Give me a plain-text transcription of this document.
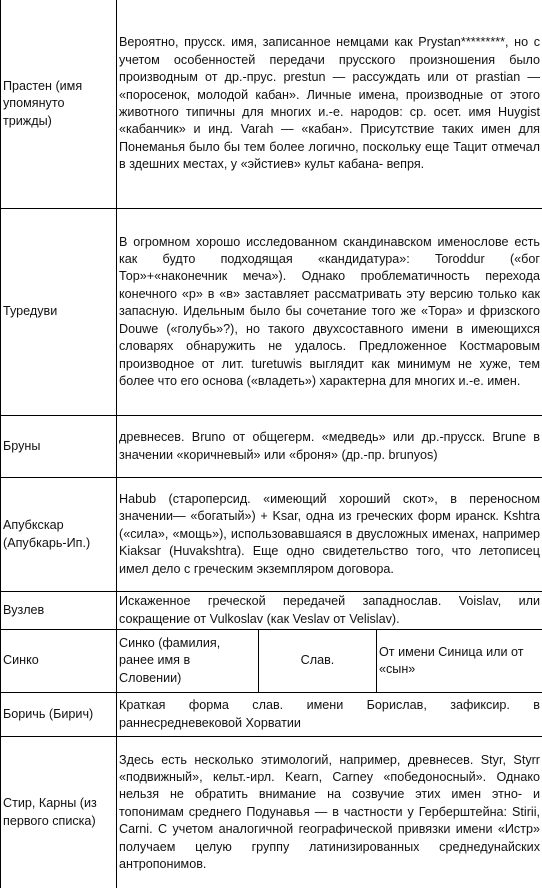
Прастен (имя упомянуто трижды)	Вероятно, прусск. имя, записанное немцами как Prystan*********, но с учетом особенностей передачи прусского произношения было производным от др.-прус. prestun — рассуждать или от prastian — «поросенок, молодой кабан». Личные имена, производные от этого животного типичны для многих и.-е. народов: ср. осет. имя Huygist «кабанчик» и инд. Varah — «кабан». Присутствие таких имен для Понеманья было бы тем более логично, поскольку еще Тацит отмечал в здешних местах, у «эйстиев» культ кабана- вепря.		
Туредуви	В огромном хорошо исследованном скандинавском именослове есть как будто подходящая «кандидатура»: Toroddur («бог Тор»+«наконечник меча»). Однако проблематичность перехода конечного «р» в «в» заставляет рассматривать эту версию только как запасную. Идельным было бы сочетание того же «Тора» и фризского Douwe («голубь»?), но такого двухсоставного имени в имеющихся словарях обнаружить не удалось. Предложенное Костмаровым производное от лит. turetuwis выглядит как минимум не хуже, тем более что его основа («владеть») характерна для многих и.-е. имен.		
Бруны	древнесев. Bruno от общегерм. «медведь» или др.-прусск. Brune в значении «коричневый» или «броня» (др.-пр. brunyos)		
Апубкскар (Апубкарь-Ип.)	Habub (староперсид. «имеющий хороший скот», в переносном значении— «богатый») + Ksar, одна из греческих форм иранск. Kshtra («сила», «мощь»), использовавшаяся в двусложных именах, например Kiaksar (Huvakshtra). Еще одно свидетельство того, что летописец имел дело с греческим экземпляром договора.		
Вузлев	Искаженное греческой передачей западнослав. Voislav, или сокращение от Vulkoslav (как Veslav от Velislav).		
Синко	Синко (фамилия, ранее имя в Словении)	Слав.	От имени Синица или от «сын»
Боричь (Бирич)	Краткая форма слав. имени Борислав, зафиксир. в раннесредневековой Хорватии		
Стир, Карны (из первого списка)	Здесь есть несколько этимологий, например, древнесев. Styr, Styrr «подвижный», кельт.-ирл. Kearn, Carney «победоносный». Однако нельзя не обратить внимание на созвучие этих имен этно- и топонимам среднего Подунавья — в частности у Герберштейна: Stirii, Carni. С учетом аналогичной географической привязки имени «Истр» получаем целую группу латинизированных среднедунайских антропонимов.		
